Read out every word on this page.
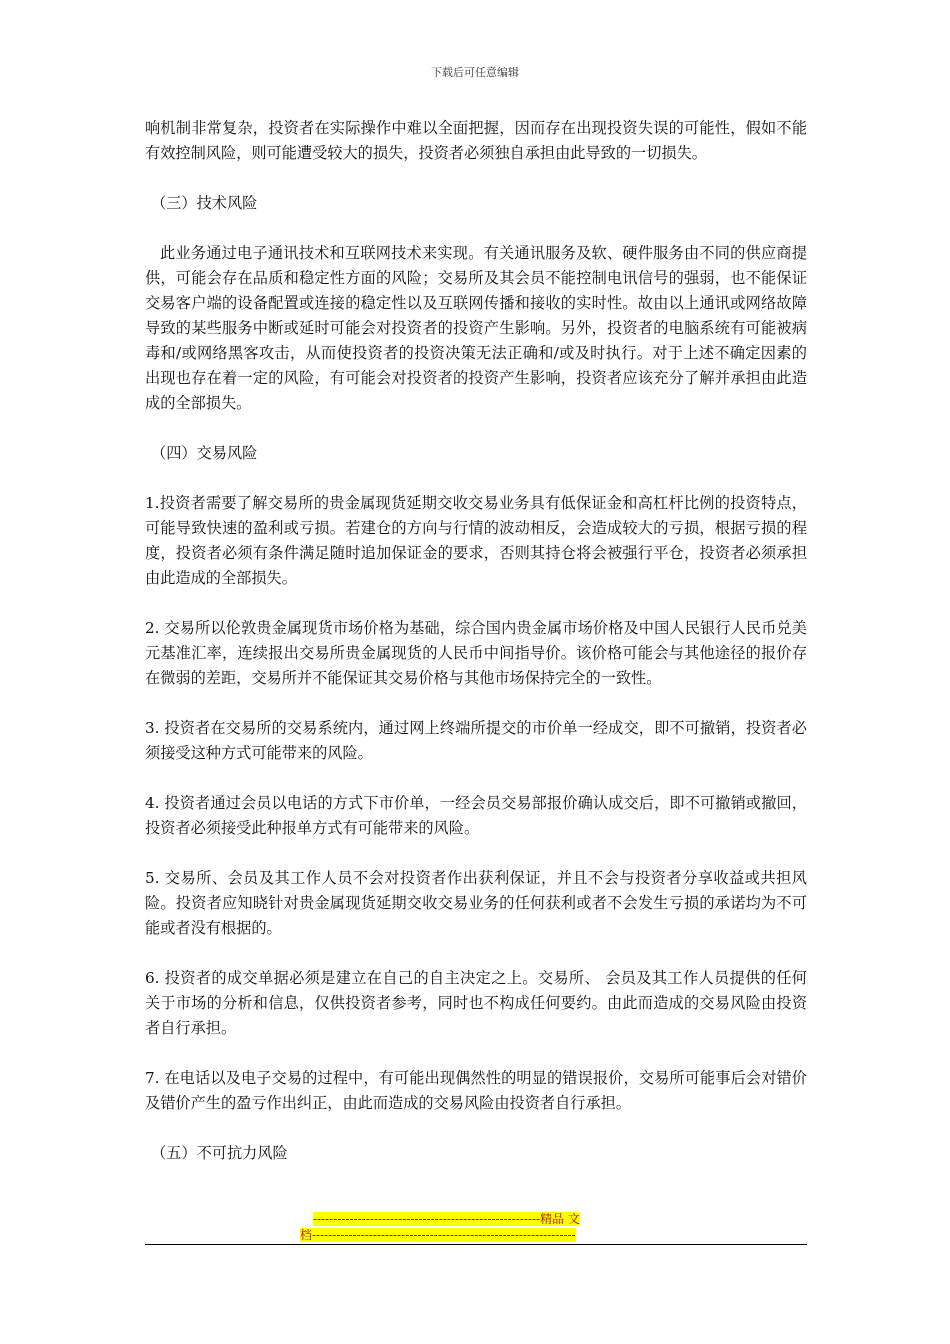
下载后可任意编辑

响机制非常复杂，投资者在实际操作中难以全面把握，因而存在出现投资失误的可能性，假如不能有效控制风险，则可能遭受较大的损失，投资者必须独自承担由此导致的一切损失。

（三）技术风险

此业务通过电子通讯技术和互联网技术来实现。有关通讯服务及软、硬件服务由不同的供应商提供，可能会存在品质和稳定性方面的风险；交易所及其会员不能控制电讯信号的强弱，也不能保证交易客户端的设备配置或连接的稳定性以及互联网传播和接收的实时性。故由以上通讯或网络故障导致的某些服务中断或延时可能会对投资者的投资产生影响。另外，投资者的电脑系统有可能被病毒和/或网络黑客攻击，从而使投资者的投资决策无法正确和/或及时执行。对于上述不确定因素的出现也存在着一定的风险，有可能会对投资者的投资产生影响，投资者应该充分了解并承担由此造成的全部损失。

（四）交易风险

1.投资者需要了解交易所的贵金属现货延期交收交易业务具有低保证金和高杠杆比例的投资特点，可能导致快速的盈利或亏损。若建仓的方向与行情的波动相反，会造成较大的亏损，根据亏损的程度，投资者必须有条件满足随时追加保证金的要求，否则其持仓将会被强行平仓，投资者必须承担由此造成的全部损失。

2. 交易所以伦敦贵金属现货市场价格为基础，综合国内贵金属市场价格及中国人民银行人民币兑美元基准汇率，连续报出交易所贵金属现货的人民币中间指导价。该价格可能会与其他途径的报价存在微弱的差距，交易所并不能保证其交易价格与其他市场保持完全的一致性。

3. 投资者在交易所的交易系统内，通过网上终端所提交的市价单一经成交，即不可撤销，投资者必须接受这种方式可能带来的风险。

4. 投资者通过会员以电话的方式下市价单，一经会员交易部报价确认成交后，即不可撤销或撤回，投资者必须接受此种报单方式有可能带来的风险。

5. 交易所、会员及其工作人员不会对投资者作出获利保证，并且不会与投资者分享收益或共担风险。投资者应知晓针对贵金属现货延期交收交易业务的任何获利或者不会发生亏损的承诺均为不可能或者没有根据的。

6. 投资者的成交单据必须是建立在自己的自主决定之上。交易所、 会员及其工作人员提供的任何关于市场的分析和信息，仅供投资者参考，同时也不构成任何要约。由此而造成的交易风险由投资者自行承担。

7. 在电话以及电子交易的过程中，有可能出现偶然性的明显的错误报价，交易所可能事后会对错价及错价产生的盈亏作出纠正，由此而造成的交易风险由投资者自行承担。

（五）不可抗力风险

--------------------------------------------------------精品 文
档-----------------------------------------------------------------
